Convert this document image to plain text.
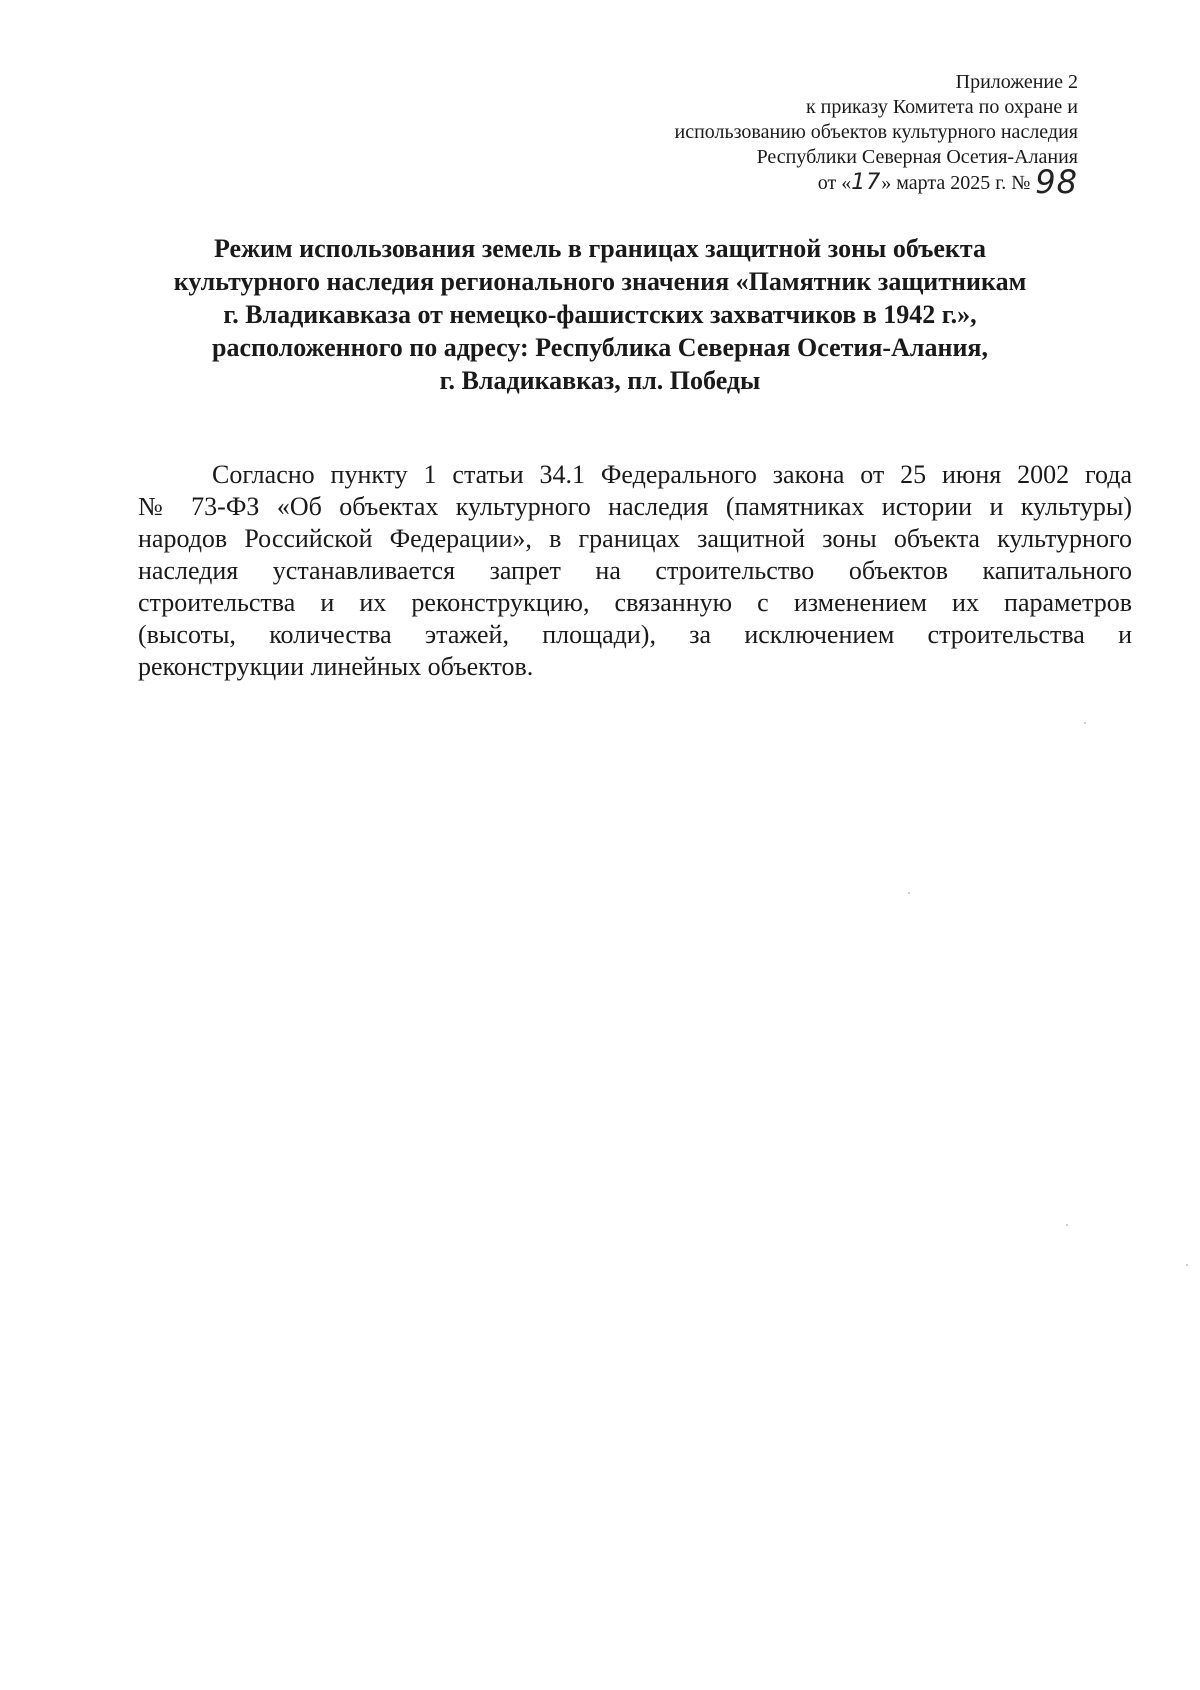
Приложение 2
к приказу Комитета по охране и
использованию объектов культурного наследия
Республики Северная Осетия-Алания
от «17» марта 2025 г. № 98
Режим использования земель в границах защитной зоны объекта
культурного наследия регионального значения «Памятник защитникам
г. Владикавказа от немецко-фашистских захватчиков в 1942 г.»,
расположенного по адресу: Республика Северная Осетия-Алания,
г. Владикавказ, пл. Победы
Согласно пункту 1 статьи 34.1 Федерального закона от 25 июня 2002 года
№ 73-ФЗ «Об объектах культурного наследия (памятниках истории и культуры)
народов Российской Федерации», в границах защитной зоны объекта культурного
наследия устанавливается запрет на строительство объектов капитального
строительства и их реконструкцию, связанную с изменением их параметров
(высоты, количества этажей, площади), за исключением строительства и
реконструкции линейных объектов.
